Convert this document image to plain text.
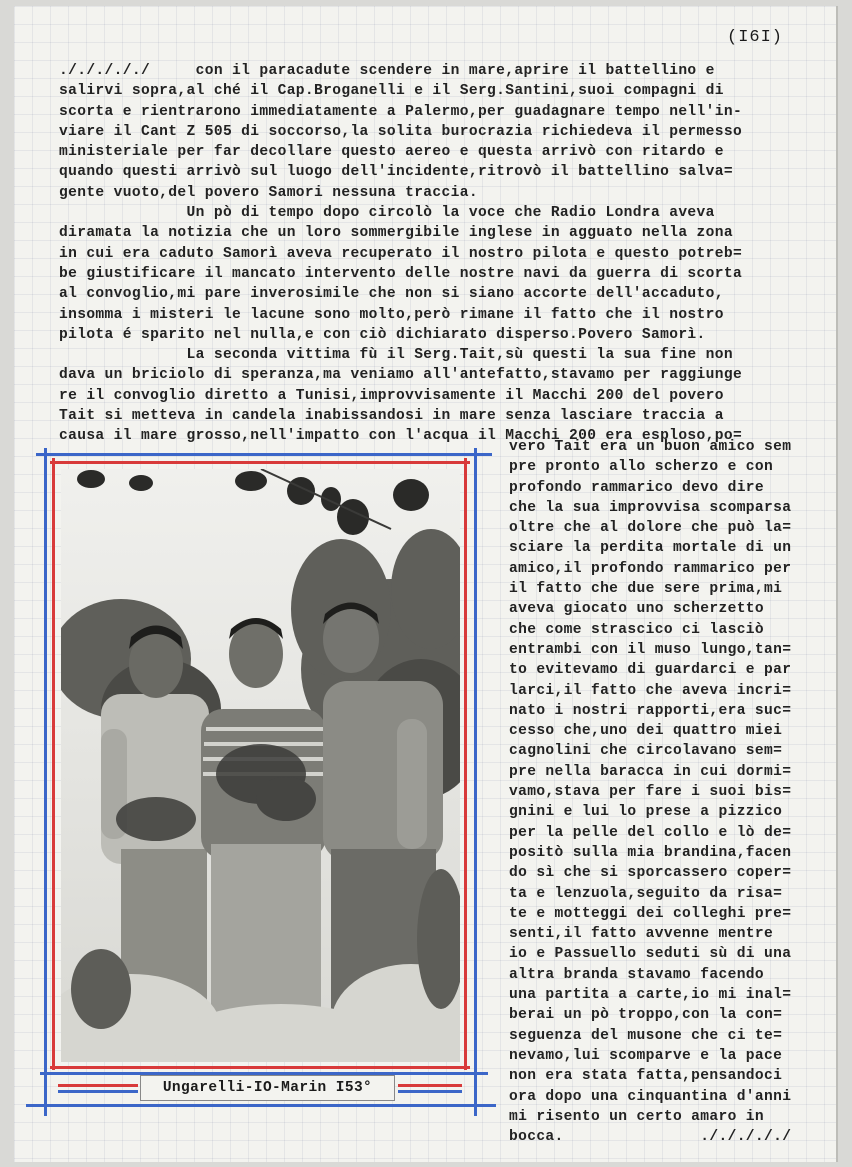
(I6I)
./././././     con il paracadute scendere in mare,aprire il battellino e
salirvi sopra,al ché il Cap.Broganelli e il Serg.Santini,suoi compagni di
scorta e rientrarono immediatamente a Palermo,per guadagnare tempo nell'in-
viare il Cant Z 505 di soccorso,la solita burocrazia richiedeva il permesso
ministeriale per far decollare questo aereo e questa arrivò con ritardo e
quando questi arrivò sul luogo dell'incidente,ritrovò il battellino salva=
gente vuoto,del povero Samori nessuna traccia.
Un pò di tempo dopo circolò la voce che Radio Londra aveva
diramata la notizia che un loro sommergibile inglese in agguato nella zona
in cui era caduto Samorì aveva recuperato il nostro pilota e questo potreb=
be giustificare il mancato intervento delle nostre navi da guerra di scorta
al convoglio,mi pare inverosimile che non si siano accorte dell'accaduto,
insomma i misteri le lacune sono molto,però rimane il fatto che il nostro
pilota é sparito nel nulla,e con ciò dichiarato disperso.Povero Samorì.
La seconda vittima fù il Serg.Tait,sù questi la sua fine non
dava un briciolo di speranza,ma veniamo all'antefatto,stavamo per raggiunge
re il convoglio diretto a Tunisi,improvvisamente il Macchi 200 del povero
Tait si metteva in candela inabissandosi in mare senza lasciare traccia a
causa il mare grosso,nell'impatto con l'acqua il Macchi 200 era esploso,po=
vero Tait era un buon amico sem
pre pronto allo scherzo e con
profondo rammarico devo dire
che la sua improvvisa scomparsa
oltre che al dolore che può la=
sciare la perdita mortale di un
amico,il profondo rammarico per
il fatto che due sere prima,mi
aveva giocato uno scherzetto
che come strascico ci lasciò
entrambi con il muso lungo,tan=
to evitevamo di guardarci e par
larci,il fatto che aveva incri=
nato i nostri rapporti,era suc=
cesso che,uno dei quattro miei
cagnolini che circolavano sem=
pre nella baracca in cui dormi=
vamo,stava per fare i suoi bis=
gnini e lui lo prese a pizzico
per la pelle del collo e lò de=
positò sulla mia brandina,facen
do sì che si sporcassero coper=
ta e lenzuola,seguito da risa=
te e motteggi dei colleghi pre=
senti,il fatto avvenne mentre
io e Passuello seduti sù di una
altra branda stavamo facendo
una partita a carte,io mi inal=
berai un pò troppo,con la con=
seguenza del musone che ci te=
nevamo,lui scomparve e la pace
non era stata fatta,pensandoci
ora dopo una cinquantina d'anni
mi risento un certo amaro in
bocca.               ./././././
Ungarelli-IO-Marin I53°
